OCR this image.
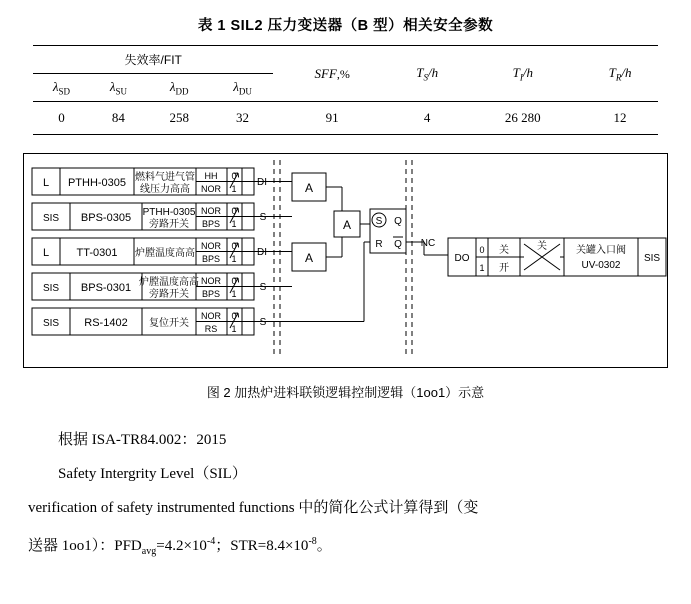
表 1 SIL2 压力变送器（B 型）相关安全参数
失效率/FIT				SFF,%	$T_S/h$	$T_I/h$	$T_R/h$
$\lambda_{SD}$	$\lambda_{SU}$	$\lambda_{DD}$	$\lambda_{DU}$
0	84	258	32	91	4	26 280	12
L PTHH-0305 燃料气进气管
线压力高高
HH
NOR
0
1
DI
SIS BPS-0305 PTHH-0305
旁路开关
NOR
BPS
0
1
S
L TT-0301 炉膛温度高高
NOR
BPS
0
1
DI
SIS BPS-0301 炉膛温度高高
旁路开关
NOR
BPS
0
1
S
SIS RS-1402 复位开关
NOR
RS
0
1
S
A
A
A S
R
Q
Q NC
DO
0
1
关
开
关	关罐入口阀
UV-0302
SIS
图 2 加热炉进料联锁逻辑控制逻辑（1oo1）示意

根据 ISA-TR84.002：2015

Safety Intergrity Level（SIL）

verification of safety instrumented functions 中的简化公式计算得到（变

送器 1oo1）：$PFD_{avg}=4.2\times 10^{-4}$；$STR=8.4\times 10^{-8}$。
